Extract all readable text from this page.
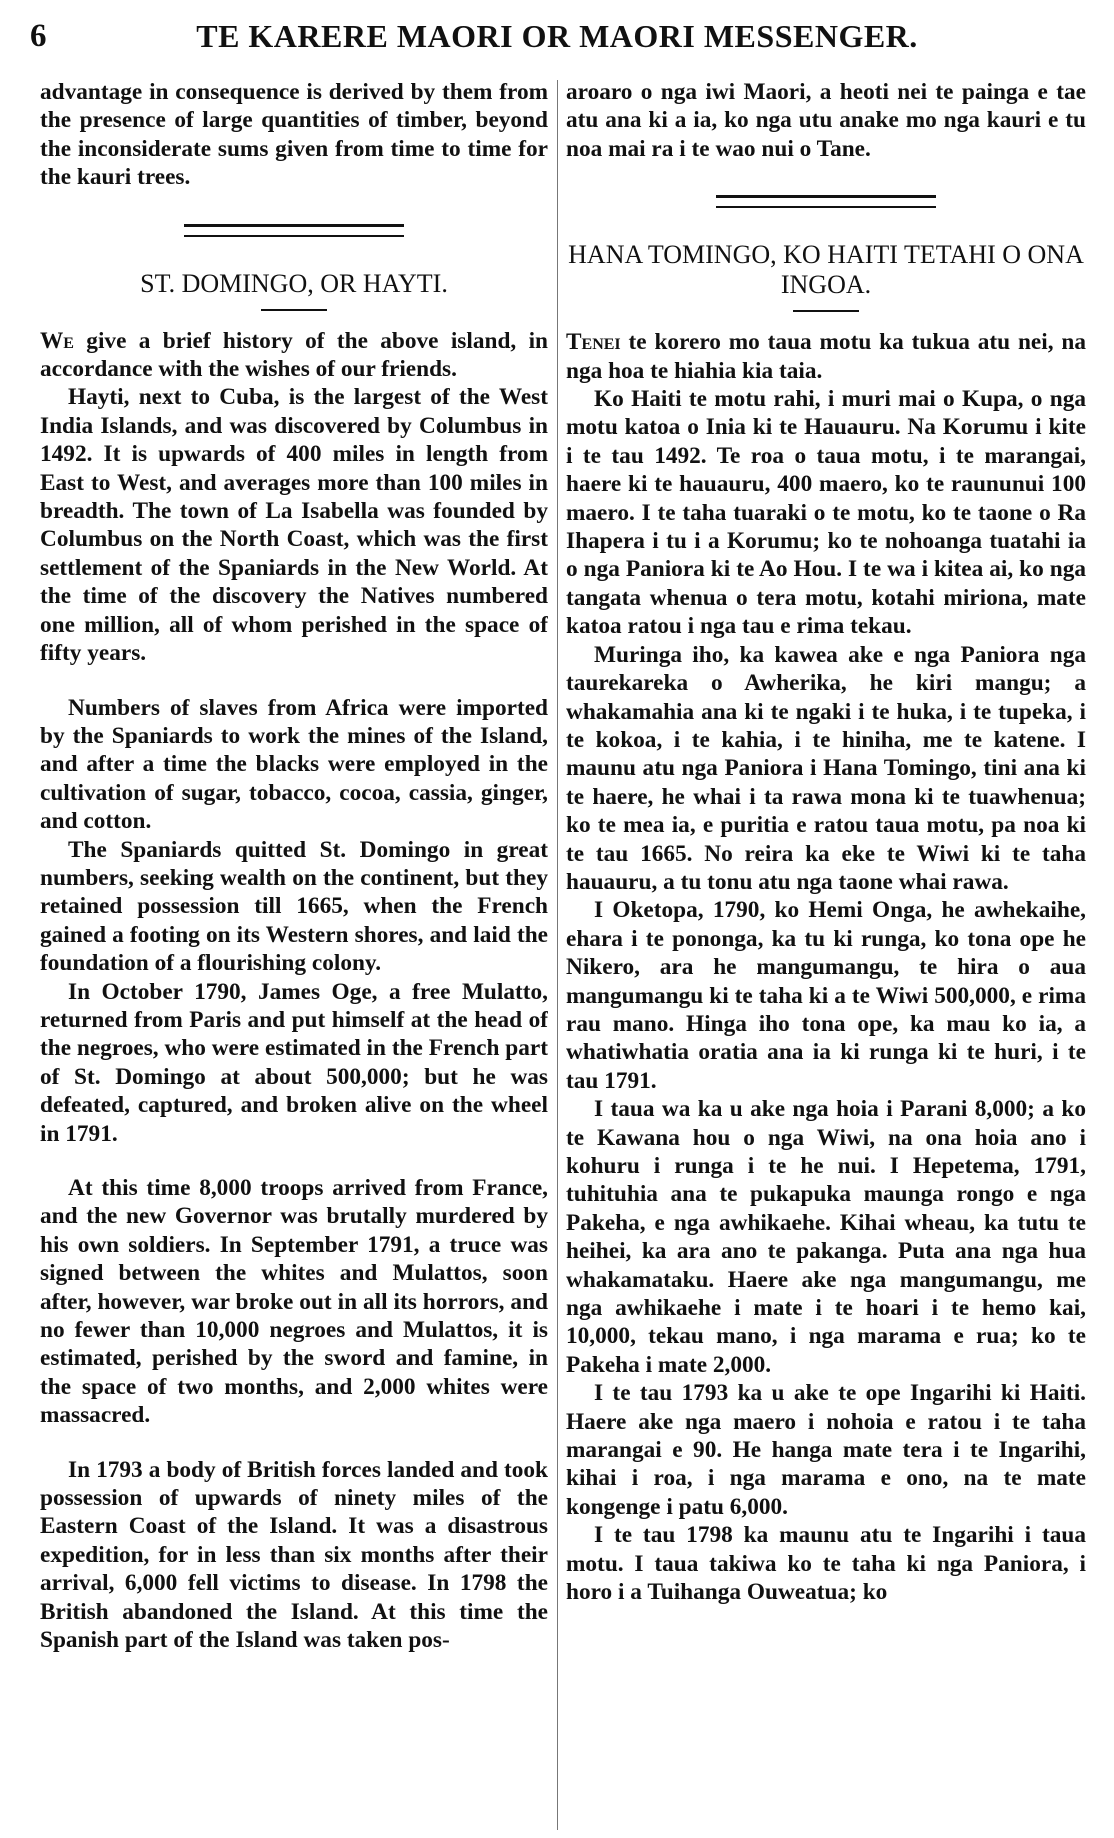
6	TE KARERE MAORI OR MAORI MESSENGER.

advantage in consequence is derived by them from the presence of large quantities of timber, beyond the inconsiderate sums given from time to time for the kauri trees.

ST. DOMINGO, OR HAYTI.

We give a brief history of the above island, in accordance with the wishes of our friends.

Hayti, next to Cuba, is the largest of the West India Islands, and was discovered by Columbus in 1492. It is upwards of 400 miles in length from East to West, and averages more than 100 miles in breadth. The town of La Isabella was founded by Columbus on the North Coast, which was the first settlement of the Spaniards in the New World. At the time of the discovery the Natives numbered one million, all of whom perished in the space of fifty years.

Numbers of slaves from Africa were imported by the Spaniards to work the mines of the Island, and after a time the blacks were employed in the cultivation of sugar, tobacco, cocoa, cassia, ginger, and cotton.

The Spaniards quitted St. Domingo in great numbers, seeking wealth on the continent, but they retained possession till 1665, when the French gained a footing on its Western shores, and laid the foundation of a flourishing colony.

In October 1790, James Oge, a free Mulatto, returned from Paris and put himself at the head of the negroes, who were estimated in the French part of St. Domingo at about 500,000; but he was defeated, captured, and broken alive on the wheel in 1791.

At this time 8,000 troops arrived from France, and the new Governor was brutally murdered by his own soldiers. In September 1791, a truce was signed between the whites and Mulattos, soon after, however, war broke out in all its horrors, and no fewer than 10,000 negroes and Mulattos, it is estimated, perished by the sword and famine, in the space of two months, and 2,000 whites were massacred.

In 1793 a body of British forces landed and took possession of upwards of ninety miles of the Eastern Coast of the Island. It was a disastrous expedition, for in less than six months after their arrival, 6,000 fell victims to disease. In 1798 the British abandoned the Island. At this time the Spanish part of the Island was taken pos-

aroaro o nga iwi Maori, a heoti nei te painga e tae atu ana ki a ia, ko nga utu anake mo nga kauri e tu noa mai ra i te wao nui o Tane.

HANA TOMINGO, KO HAITI TETAHI O ONA INGOA.

Tenei te korero mo taua motu ka tukua atu nei, na nga hoa te hiahia kia taia.

Ko Haiti te motu rahi, i muri mai o Kupa, o nga motu katoa o Inia ki te Hauauru. Na Korumu i kite i te tau 1492. Te roa o taua motu, i te marangai, haere ki te hauauru, 400 maero, ko te raununui 100 maero. I te taha tuaraki o te motu, ko te taone o Ra Ihapera i tu i a Korumu; ko te nohoanga tuatahi ia o nga Paniora ki te Ao Hou. I te wa i kitea ai, ko nga tangata whenua o tera motu, kotahi miriona, mate katoa ratou i nga tau e rima tekau.

Muringa iho, ka kawea ake e nga Paniora nga taurekareka o Awherika, he kiri mangu; a whakamahia ana ki te ngaki i te huka, i te tupeka, i te kokoa, i te kahia, i te hiniha, me te katene. I maunu atu nga Paniora i Hana Tomingo, tini ana ki te haere, he whai i ta rawa mona ki te tuawhenua; ko te mea ia, e puritia e ratou taua motu, pa noa ki te tau 1665. No reira ka eke te Wiwi ki te taha hauauru, a tu tonu atu nga taone whai rawa.

I Oketopa, 1790, ko Hemi Onga, he awhekaihe, ehara i te pononga, ka tu ki runga, ko tona ope he Nikero, ara he mangumangu, te hira o aua mangumangu ki te taha ki a te Wiwi 500,000, e rima rau mano. Hinga iho tona ope, ka mau ko ia, a whatiwhatia oratia ana ia ki runga ki te huri, i te tau 1791.

I taua wa ka u ake nga hoia i Parani 8,000; a ko te Kawana hou o nga Wiwi, na ona hoia ano i kohuru i runga i te he nui. I Hepetema, 1791, tuhituhia ana te pukapuka maunga rongo e nga Pakeha, e nga awhikaehe. Kihai wheau, ka tutu te heihei, ka ara ano te pakanga. Puta ana nga hua whakamataku. Haere ake nga mangumangu, me nga awhikaehe i mate i te hoari i te hemo kai, 10,000, tekau mano, i nga marama e rua; ko te Pakeha i mate 2,000.

I te tau 1793 ka u ake te ope Ingarihi ki Haiti. Haere ake nga maero i nohoia e ratou i te taha marangai e 90. He hanga mate tera i te Ingarihi, kihai i roa, i nga marama e ono, na te mate kongenge i patu 6,000.

I te tau 1798 ka maunu atu te Ingarihi i taua motu. I taua takiwa ko te taha ki nga Paniora, i horo i a Tuihanga Ouweatua; ko
